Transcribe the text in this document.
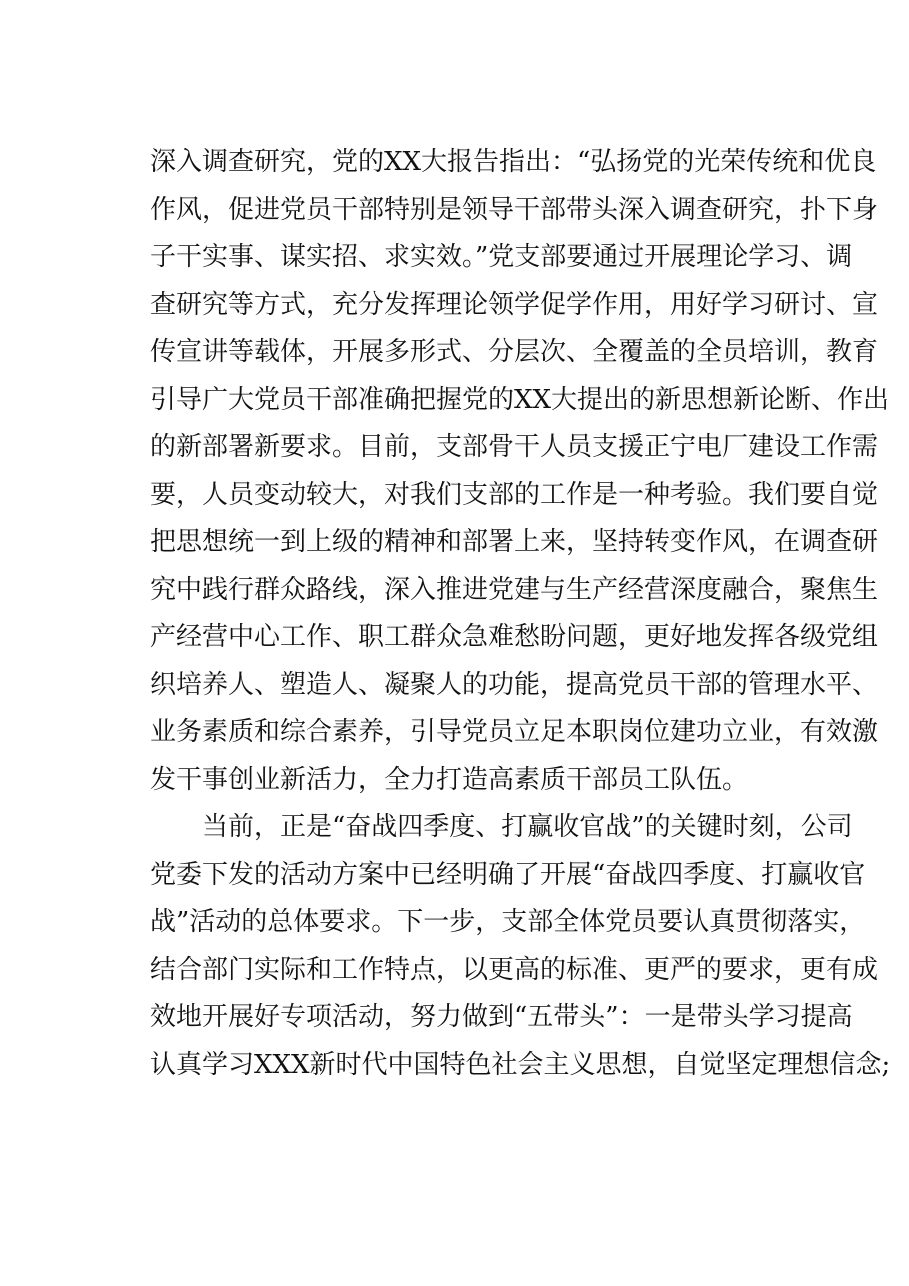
深入调查研究，党的XX大报告指出：“弘扬党的光荣传统和优良
作风，促进党员干部特别是领导干部带头深入调查研究，扑下身
子干实事、谋实招、求实效。”党支部要通过开展理论学习、调
查研究等方式，充分发挥理论领学促学作用，用好学习研讨、宣
传宣讲等载体，开展多形式、分层次、全覆盖的全员培训，教育
引导广大党员干部准确把握党的XX大提出的新思想新论断、作出
的新部署新要求。目前，支部骨干人员支援正宁电厂建设工作需
要，人员变动较大，对我们支部的工作是一种考验。我们要自觉
把思想统一到上级的精神和部署上来，坚持转变作风，在调查研
究中践行群众路线，深入推进党建与生产经营深度融合，聚焦生
产经营中心工作、职工群众急难愁盼问题，更好地发挥各级党组
织培养人、塑造人、凝聚人的功能，提高党员干部的管理水平、
业务素质和综合素养，引导党员立足本职岗位建功立业，有效激
发干事创业新活力，全力打造高素质干部员工队伍。
当前，正是“奋战四季度、打赢收官战”的关键时刻，公司
党委下发的活动方案中已经明确了开展“奋战四季度、打赢收官
战”活动的总体要求。下一步，支部全体党员要认真贯彻落实，
结合部门实际和工作特点，以更高的标准、更严的要求，更有成
效地开展好专项活动，努力做到“五带头”：一是带头学习提高
认真学习XXX新时代中国特色社会主义思想，自觉坚定理想信念;
